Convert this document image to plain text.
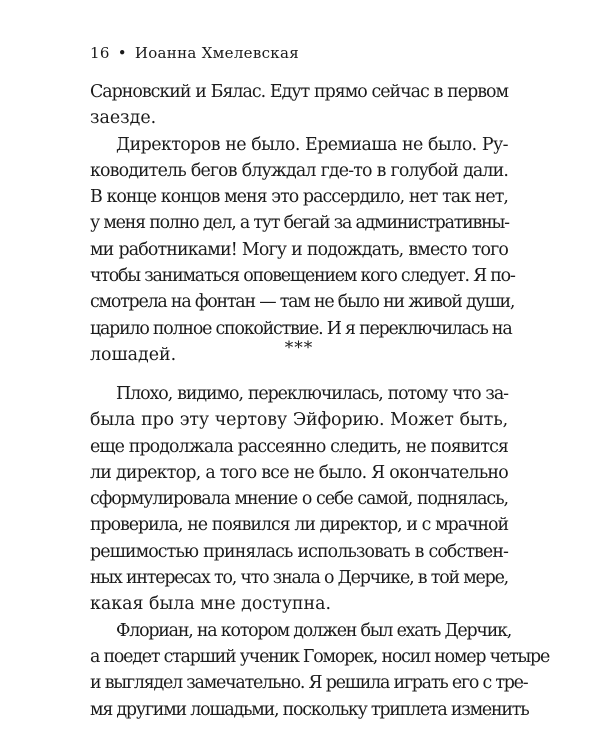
16 • Иоанна Хмелевская
Сарновский и Бялас. Едут прямо сейчас в первом
заезде.
Директоров не было. Еремиаша не было. Ру-
ководитель бегов блуждал где-то в голубой дали.
В конце концов меня это рассердило, нет так нет,
у меня полно дел, а тут бегай за административны-
ми работниками! Могу и подождать, вместо того
чтобы заниматься оповещением кого следует. Я по-
смотрела на фонтан — там не было ни живой души,
царило полное спокойствие. И я переключилась на
лошадей.	***
Плохо, видимо, переключилась, потому что за-
была про эту чертову Эйфорию. Может быть,
еще продолжала рассеянно следить, не появится
ли директор, а того все не было. Я окончательно
сформулировала мнение о себе самой, поднялась,
проверила, не появился ли директор, и с мрачной
решимостью принялась использовать в собствен-
ных интересах то, что знала о Дерчике, в той мере,
какая была мне доступна.
Флориан, на котором должен был ехать Дерчик,
а поедет старший ученик Гоморек, носил номер четыре
и выглядел замечательно. Я решила играть его с тре-
мя другими лошадьми, поскольку триплета изменить
